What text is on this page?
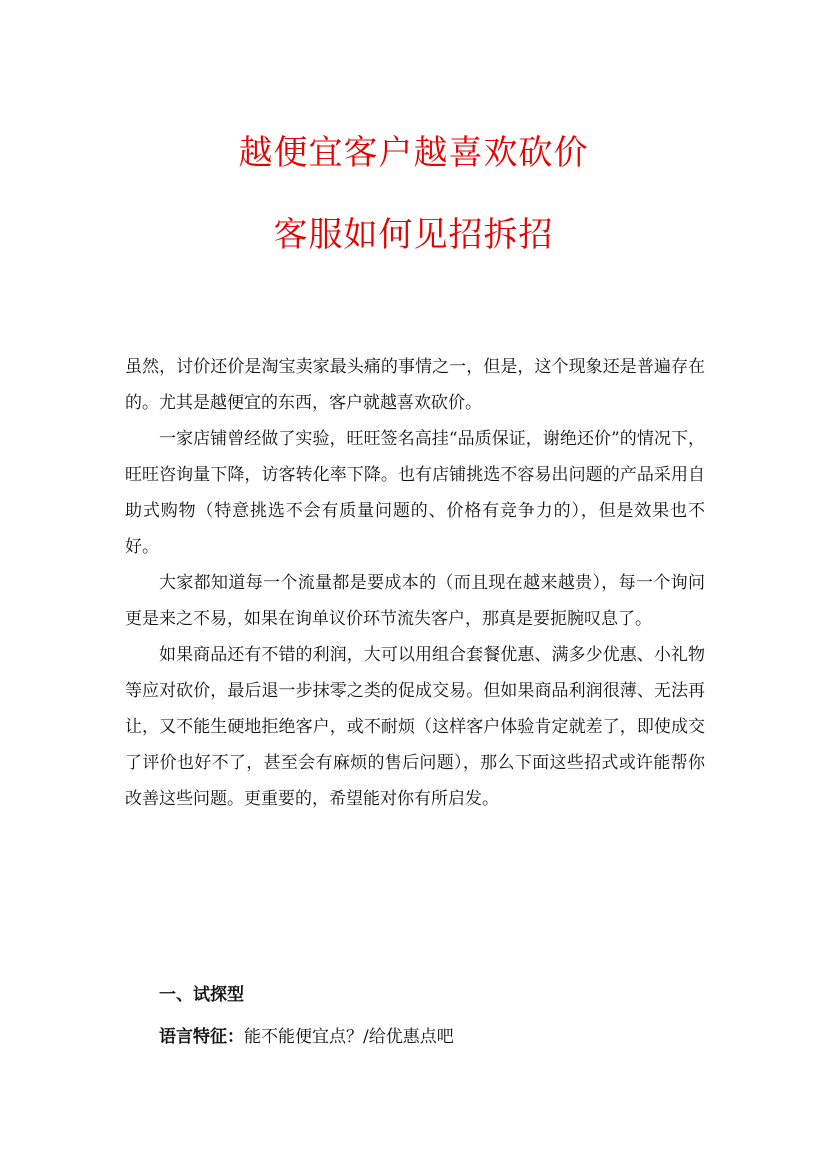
越便宜客户越喜欢砍价
客服如何见招拆招

虽然，讨价还价是淘宝卖家最头痛的事情之一，但是，这个现象还是普遍存在的。尤其是越便宜的东西，客户就越喜欢砍价。

一家店铺曾经做了实验，旺旺签名高挂“品质保证，谢绝还价”的情况下，旺旺咨询量下降，访客转化率下降。也有店铺挑选不容易出问题的产品采用自助式购物（特意挑选不会有质量问题的、价格有竞争力的），但是效果也不好。

大家都知道每一个流量都是要成本的（而且现在越来越贵），每一个询问更是来之不易，如果在询单议价环节流失客户，那真是要扼腕叹息了。

如果商品还有不错的利润，大可以用组合套餐优惠、满多少优惠、小礼物等应对砍价，最后退一步抹零之类的促成交易。但如果商品利润很薄、无法再让，又不能生硬地拒绝客户，或不耐烦（这样客户体验肯定就差了，即使成交了评价也好不了，甚至会有麻烦的售后问题），那么下面这些招式或许能帮你改善这些问题。更重要的，希望能对你有所启发。

一、试探型
语言特征：能不能便宜点？/给优惠点吧
